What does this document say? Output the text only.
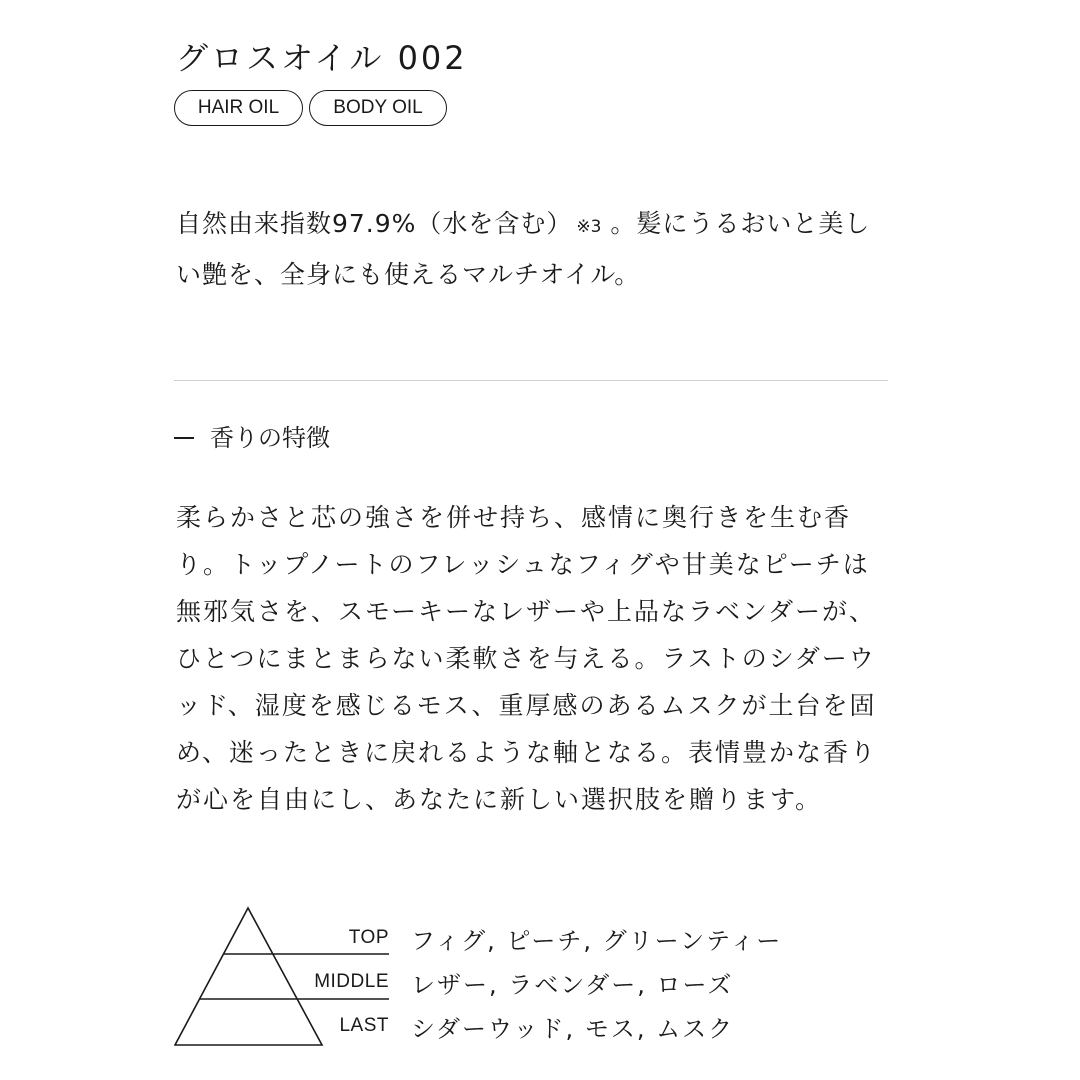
グロスオイル 002
HAIR OIL	BODY OIL
自然由来指数97.9%（水を含む） ※3 。髪にうるおいと美しい艶を、全身にも使えるマルチオイル。
香りの特徴
柔らかさと芯の強さを併せ持ち、感情に奥行きを生む香り。トップノートのフレッシュなフィグや甘美なピーチは無邪気さを、スモーキーなレザーや上品なラベンダーが、ひとつにまとまらない柔軟さを与える。ラストのシダーウッド、湿度を感じるモス、重厚感のあるムスクが土台を固め、迷ったときに戻れるような軸となる。表情豊かな香りが心を自由にし、あなたに新しい選択肢を贈ります。
TOP フィグ, ピーチ, グリーンティー
MIDDLE レザー, ラベンダー, ローズ
LAST シダーウッド, モス, ムスク
